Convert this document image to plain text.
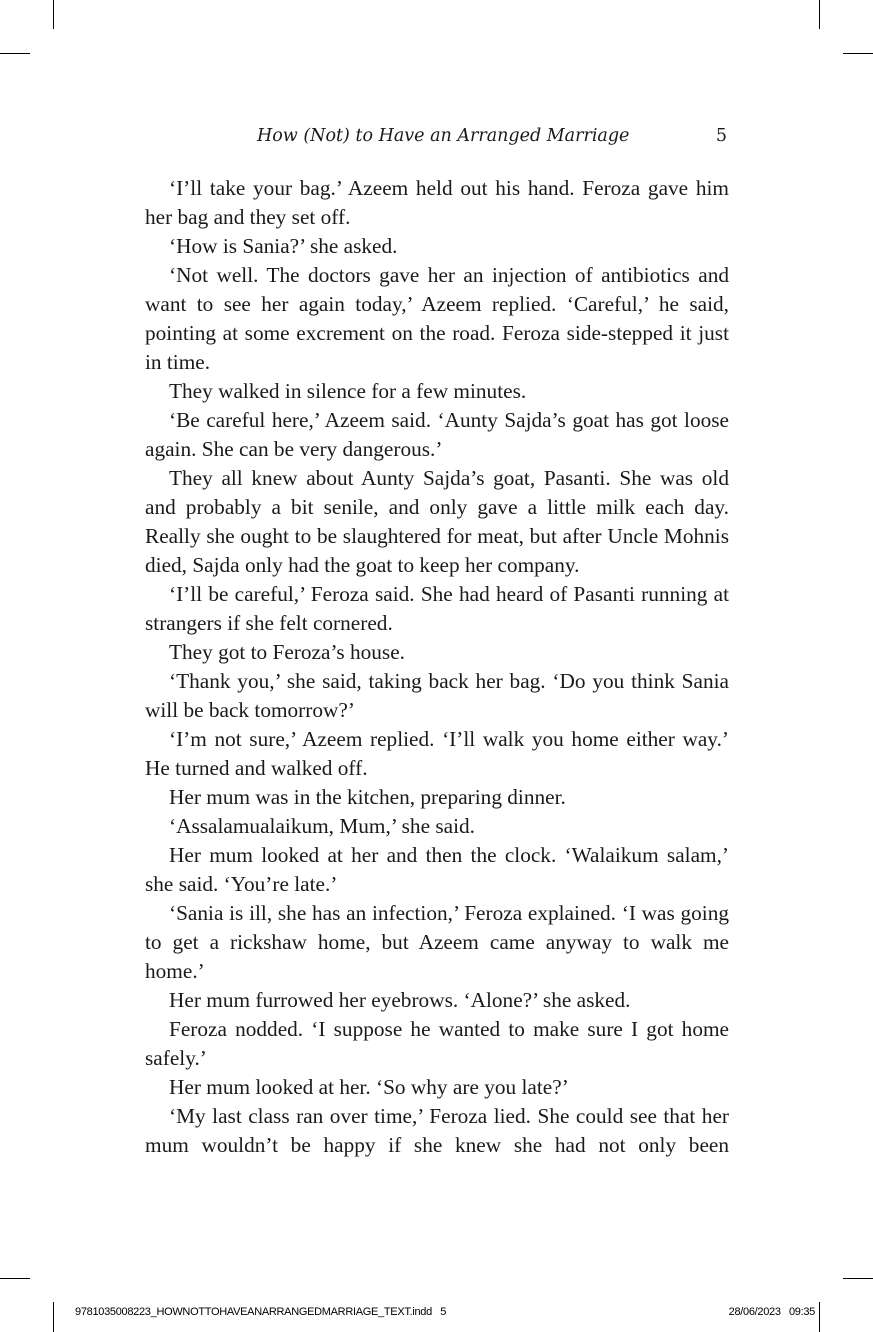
How (Not) to Have an Arranged Marriage	5

‘I’ll take your bag.’ Azeem held out his hand. Feroza gave him her bag and they set off.

‘How is Sania?’ she asked.

‘Not well. The doctors gave her an injection of antibiotics and want to see her again today,’ Azeem replied. ‘Careful,’ he said, pointing at some excrement on the road. Feroza side-stepped it just in time.

They walked in silence for a few minutes.

‘Be careful here,’ Azeem said. ‘Aunty Sajda’s goat has got loose again. She can be very dangerous.’

They all knew about Aunty Sajda’s goat, Pasanti. She was old and probably a bit senile, and only gave a little milk each day. Really she ought to be slaughtered for meat, but after Uncle Mohnis died, Sajda only had the goat to keep her company.

‘I’ll be careful,’ Feroza said. She had heard of Pasanti running at strangers if she felt cornered.

They got to Feroza’s house.

‘Thank you,’ she said, taking back her bag. ‘Do you think Sania will be back tomorrow?’

‘I’m not sure,’ Azeem replied. ‘I’ll walk you home either way.’ He turned and walked off.

Her mum was in the kitchen, preparing dinner.

‘Assalamualaikum, Mum,’ she said.

Her mum looked at her and then the clock. ‘Walaikum salam,’ she said. ‘You’re late.’

‘Sania is ill, she has an infection,’ Feroza explained. ‘I was going to get a rickshaw home, but Azeem came anyway to walk me home.’

Her mum furrowed her eyebrows. ‘Alone?’ she asked.

Feroza nodded. ‘I suppose he wanted to make sure I got home safely.’

Her mum looked at her. ‘So why are you late?’

‘My last class ran over time,’ Feroza lied. She could see that her mum wouldn’t be happy if she knew she had not only been

9781035008223_HOWNOTTOHAVEANARRANGEDMARRIAGE_TEXT.indd   5	28/06/2023   09:35
